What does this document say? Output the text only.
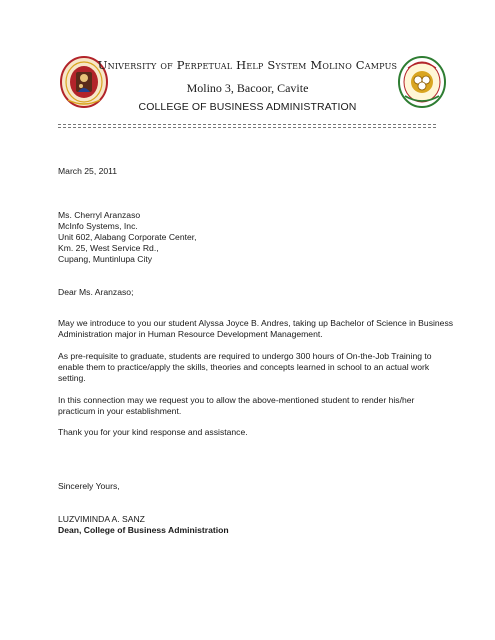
University of Perpetual Help System Molino Campus
Molino 3, Bacoor, Cavite
COLLEGE OF BUSINESS ADMINISTRATION
March 25, 2011
Ms. Cherryl Aranzaso
McInfo Systems, Inc.
Unit 602, Alabang Corporate Center,
Km. 25, West Service Rd.,
Cupang, Muntinlupa City
Dear Ms. Aranzaso;
May we introduce to you our student Alyssa Joyce B. Andres, taking up Bachelor of Science in Business
Administration major in Human Resource Development Management.
As pre-requisite to graduate, students are required to undergo 300 hours of On-the-Job Training to
enable them to practice/apply the skills, theories and concepts learned in school to an actual work
setting.
In this connection may we request you to allow the above-mentioned student to render his/her
practicum in your establishment.
Thank you for your kind response and assistance.
Sincerely Yours,
LUZVIMINDA A. SANZ
Dean, College of Business Administration
